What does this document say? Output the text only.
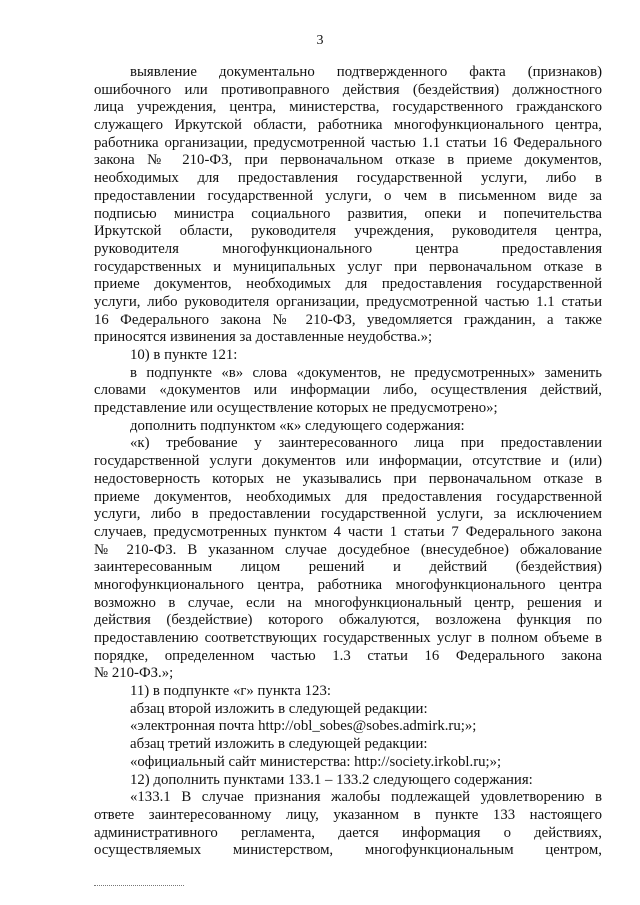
3
выявление документально подтвержденного факта (признаков)
ошибочного или противоправного действия (бездействия) должностного
лица учреждения, центра, министерства, государственного гражданского
служащего Иркутской области, работника многофункционального центра,
работника организации, предусмотренной частью 1.1 статьи 16 Федерального
закона № 210-ФЗ, при первоначальном отказе в приеме документов,
необходимых для предоставления государственной услуги, либо в
предоставлении государственной услуги, о чем в письменном виде за
подписью министра социального развития, опеки и попечительства
Иркутской области, руководителя учреждения, руководителя центра,
руководителя многофункционального центра предоставления
государственных и муниципальных услуг при первоначальном отказе в
приеме документов, необходимых для предоставления государственной
услуги, либо руководителя организации, предусмотренной частью 1.1 статьи
16 Федерального закона № 210-ФЗ, уведомляется гражданин, а также
приносятся извинения за доставленные неудобства.»;
10) в пункте 121:
в подпункте «в» слова «документов, не предусмотренных» заменить
словами «документов или информации либо, осуществления действий,
представление или осуществление которых не предусмотрено»;
дополнить подпунктом «к» следующего содержания:
«к) требование у заинтересованного лица при предоставлении
государственной услуги документов или информации, отсутствие и (или)
недостоверность которых не указывались при первоначальном отказе в
приеме документов, необходимых для предоставления государственной
услуги, либо в предоставлении государственной услуги, за исключением
случаев, предусмотренных пунктом 4 части 1 статьи 7 Федерального закона
№ 210-ФЗ. В указанном случае досудебное (внесудебное) обжалование
заинтересованным лицом решений и действий (бездействия)
многофункционального центра, работника многофункционального центра
возможно в случае, если на многофункциональный центр, решения и
действия (бездействие) которого обжалуются, возложена функция по
предоставлению соответствующих государственных услуг в полном объеме в
порядке, определенном частью 1.3 статьи 16 Федерального закона
№ 210-ФЗ.»;
11) в подпункте «г» пункта 123:
абзац второй изложить в следующей редакции:
«электронная почта http://obl_sobes@sobes.admirk.ru;»;
абзац третий изложить в следующей редакции:
«официальный сайт министерства: http://society.irkobl.ru;»;
12) дополнить пунктами 133.1 – 133.2 следующего содержания:
«133.1 В случае признания жалобы подлежащей удовлетворению в
ответе заинтересованному лицу, указанном в пункте 133 настоящего
административного регламента, дается информация о действиях,
осуществляемых министерством, многофункциональным центром,
